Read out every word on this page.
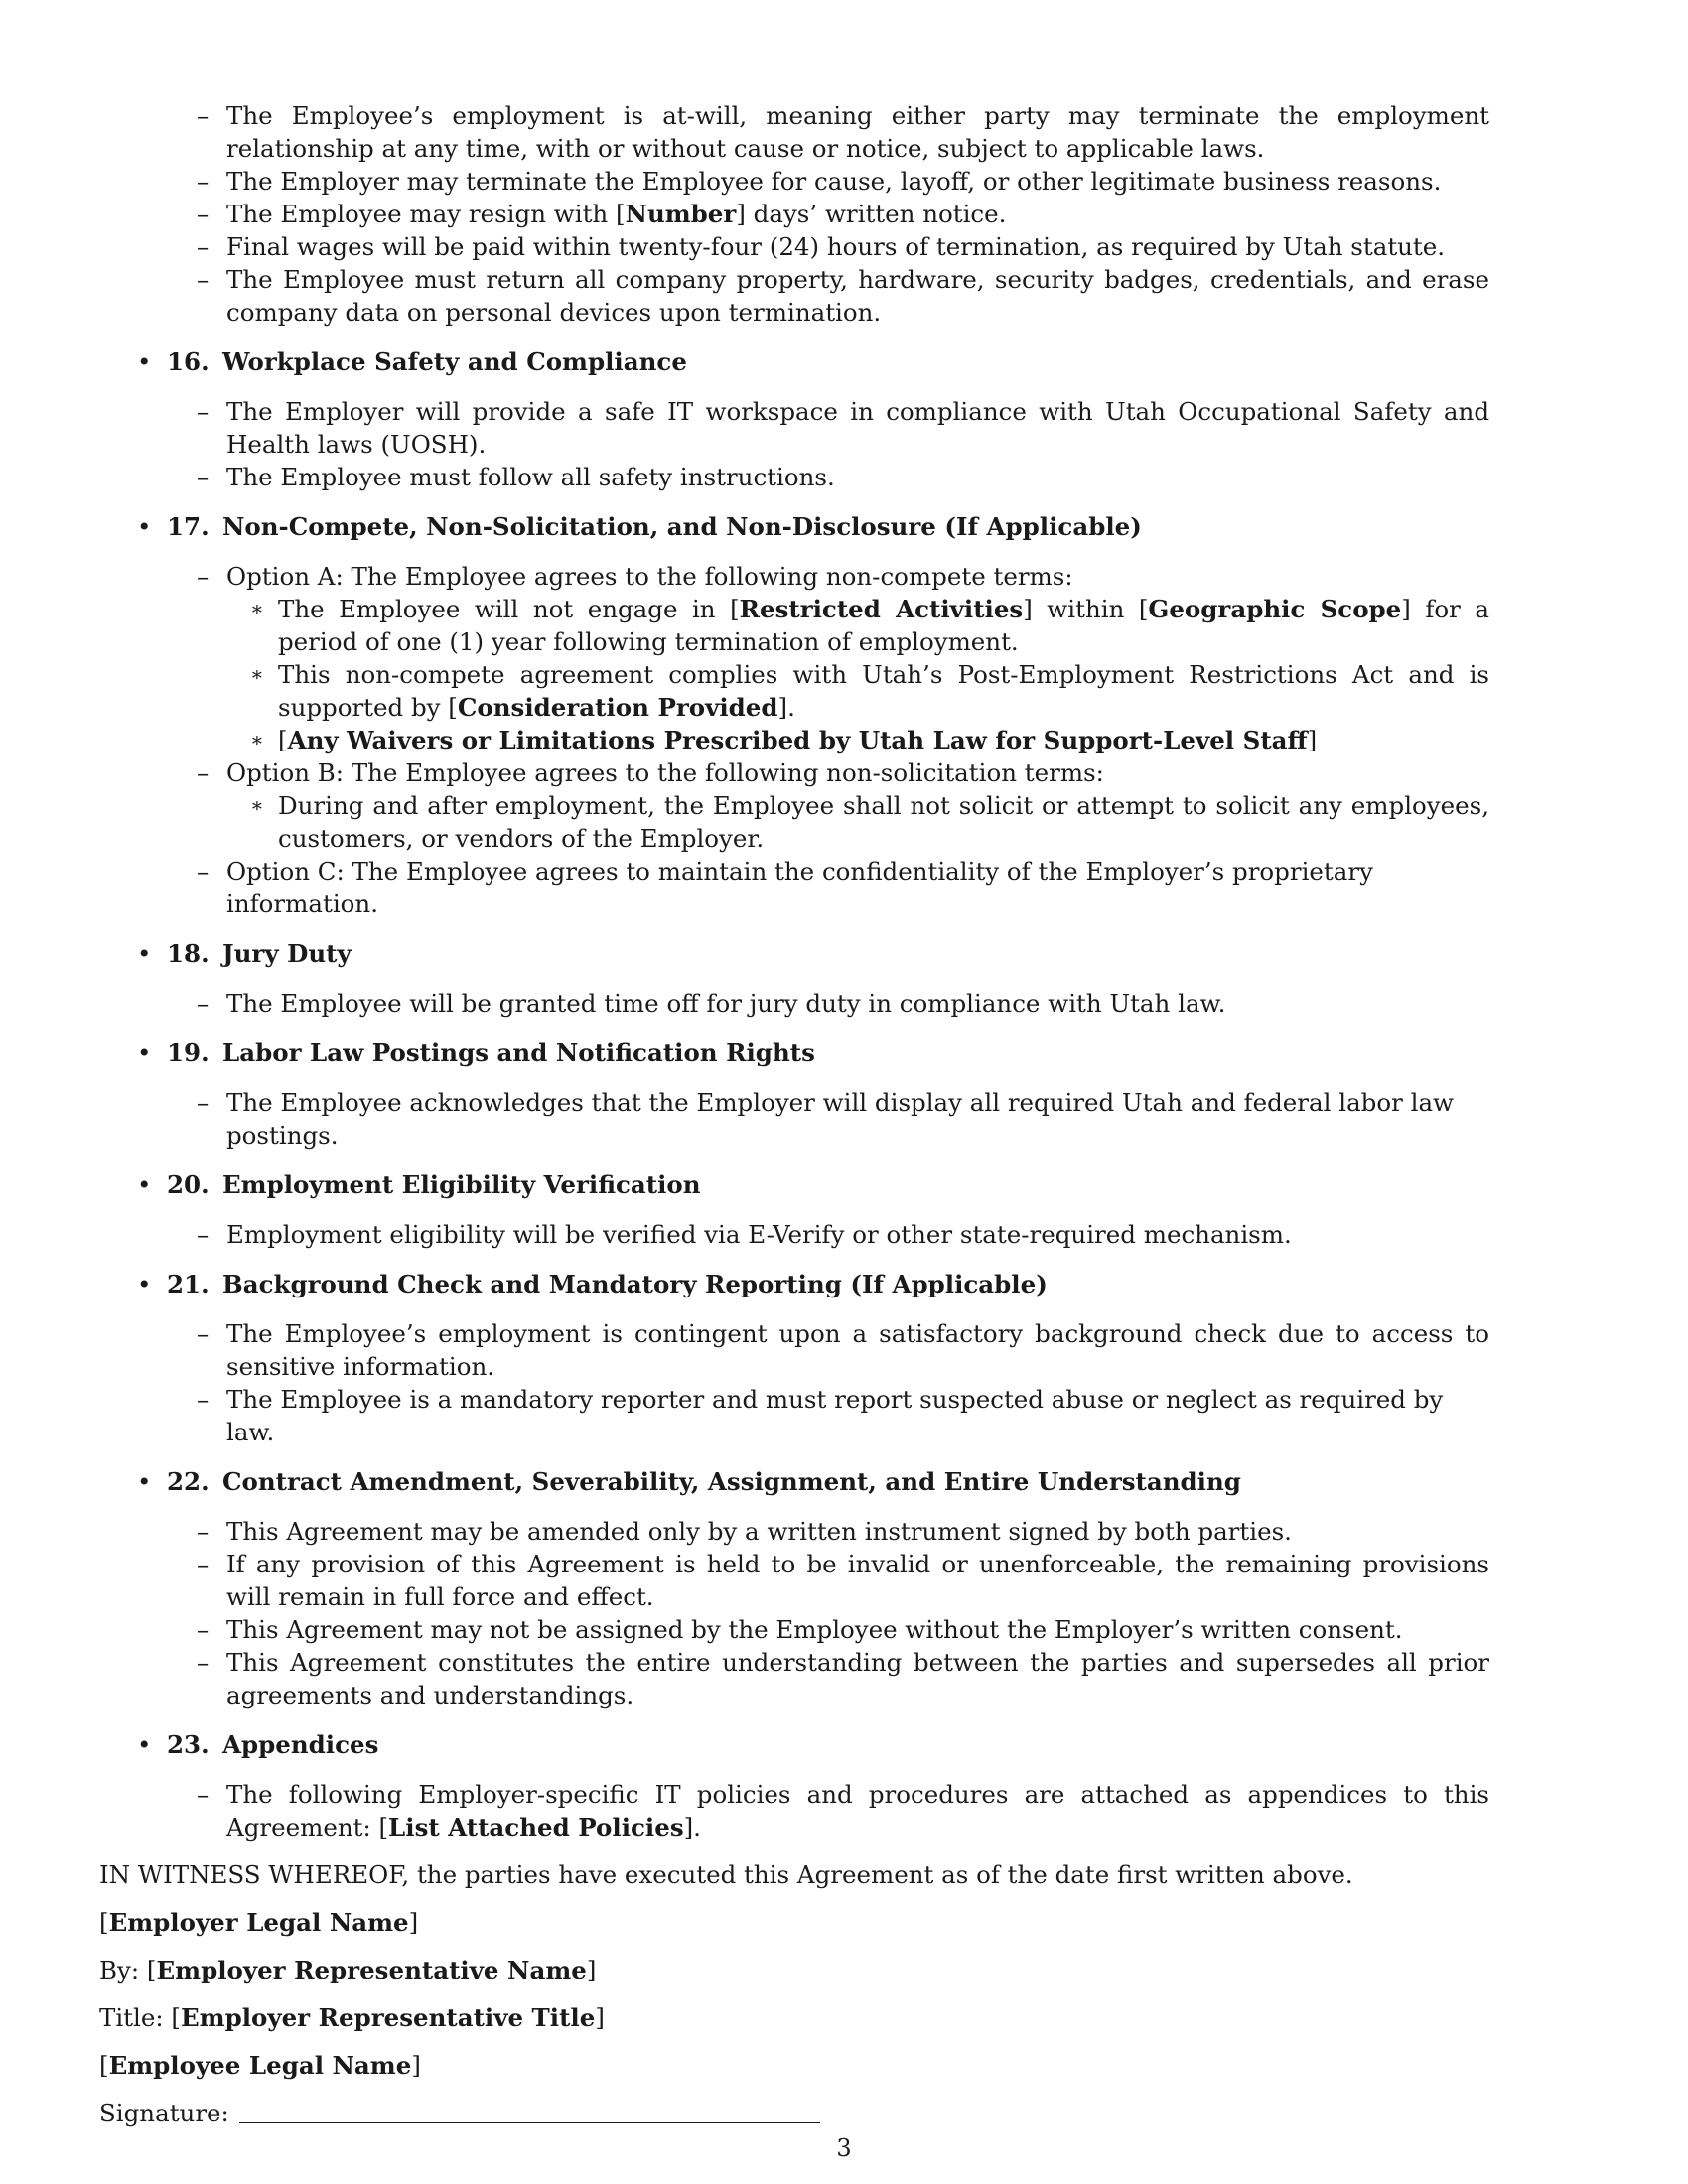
– The Employee’s employment is at-will, meaning either party may terminate the employment relationship at any time, with or without cause or notice, subject to applicable laws.
– The Employer may terminate the Employee for cause, layoff, or other legitimate business reasons.
– The Employee may resign with [Number] days’ written notice.
– Final wages will be paid within twenty-four (24) hours of termination, as required by Utah statute.
– The Employee must return all company property, hardware, security badges, credentials, and erase company data on personal devices upon termination.
• 16. Workplace Safety and Compliance
– The Employer will provide a safe IT workspace in compliance with Utah Occupational Safety and Health laws (UOSH).
– The Employee must follow all safety instructions.
• 17. Non-Compete, Non-Solicitation, and Non-Disclosure (If Applicable)
– Option A: The Employee agrees to the following non-compete terms:
∗ The Employee will not engage in [Restricted Activities] within [Geographic Scope] for a period of one (1) year following termination of employment.
∗ This non-compete agreement complies with Utah’s Post-Employment Restrictions Act and is supported by [Consideration Provided].
∗ [Any Waivers or Limitations Prescribed by Utah Law for Support-Level Staff]
– Option B: The Employee agrees to the following non-solicitation terms:
∗ During and after employment, the Employee shall not solicit or attempt to solicit any employees, customers, or vendors of the Employer.
– Option C: The Employee agrees to maintain the confidentiality of the Employer’s proprietary information.
• 18. Jury Duty
– The Employee will be granted time off for jury duty in compliance with Utah law.
• 19. Labor Law Postings and Notification Rights
– The Employee acknowledges that the Employer will display all required Utah and federal labor law postings.
• 20. Employment Eligibility Verification
– Employment eligibility will be verified via E-Verify or other state-required mechanism.
• 21. Background Check and Mandatory Reporting (If Applicable)
– The Employee’s employment is contingent upon a satisfactory background check due to access to sensitive information.
– The Employee is a mandatory reporter and must report suspected abuse or neglect as required by law.
• 22. Contract Amendment, Severability, Assignment, and Entire Understanding
– This Agreement may be amended only by a written instrument signed by both parties.
– If any provision of this Agreement is held to be invalid or unenforceable, the remaining provisions will remain in full force and effect.
– This Agreement may not be assigned by the Employee without the Employer’s written consent.
– This Agreement constitutes the entire understanding between the parties and supersedes all prior agreements and understandings.
• 23. Appendices
– The following Employer-specific IT policies and procedures are attached as appendices to this Agreement: [List Attached Policies].

IN WITNESS WHEREOF, the parties have executed this Agreement as of the date first written above.

[Employer Legal Name]

By: [Employer Representative Name]

Title: [Employer Representative Title]

[Employee Legal Name]

Signature:

3
